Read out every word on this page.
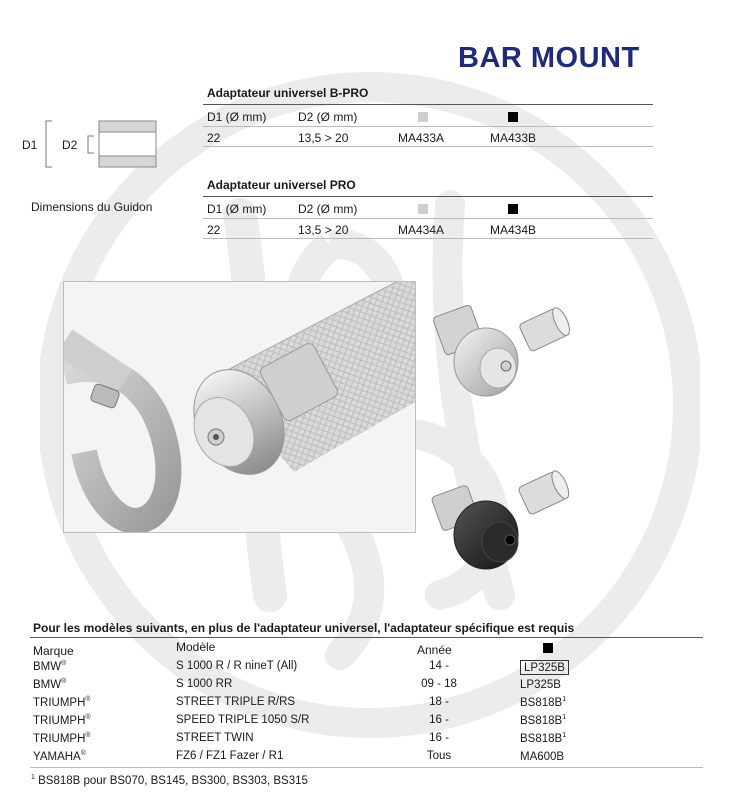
BAR MOUNT
D1 D2
Dimensions du Guidon
Adaptateur universel B-PRO
D1 (Ø mm)	D2 (Ø mm)
22	13,5 > 20	MA433A	MA433B
Adaptateur universel PRO
D1 (Ø mm)	D2 (Ø mm)
22	13,5 > 20	MA434A	MA434B
Pour les modèles suivants, en plus de l'adaptateur universel, l'adaptateur spécifique est requis
Marque	Modèle	Année
BMW®	S 1000 R / R nineT (All)	14 -	LP325B
BMW®	S 1000 RR	09 - 18	LP325B
TRIUMPH®	STREET TRIPLE R/RS	18 -	$BS818B^1$
TRIUMPH®	SPEED TRIPLE 1050 S/R	16 -	$BS818B^1$
TRIUMPH®	STREET TWIN	16 -	$BS818B^1$
YAMAHA®	FZ6 / FZ1 Fazer / R1	Tous	MA600B
$^1$ BS818B pour BS070, BS145, BS300, BS303, BS315
